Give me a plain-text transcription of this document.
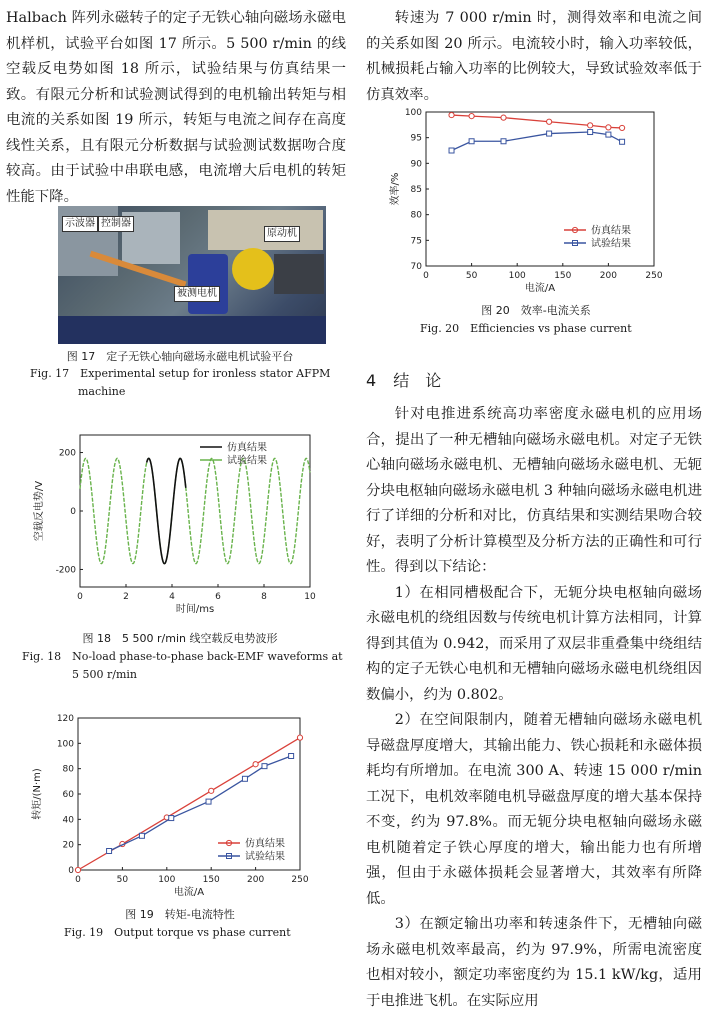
Halbach 阵列永磁转子的定子无铁心轴向磁场永磁电机样机，试验平台如图 17 所示。5 500 r/min 的线空载反电势如图 18 所示，试验结果与仿真结果一致。有限元分析和试验测试得到的电机输出转矩与相电流的关系如图 19 所示，转矩与电流之间存在高度线性关系，且有限元分析数据与试验测试数据吻合度较高。由于试验中串联电感，电流增大后电机的转矩性能下降。

示波器 控制器
原动机
被测电机
图 17　定子无铁心轴向磁场永磁电机试验平台
Fig. 17　Experimental setup for ironless stator AFPM
machine
0	2	4	6	8	10
-200
0
200
时间/ms
空载反电势/V
仿真结果
试验结果
图 18　5 500 r/min 线空载反电势波形
Fig. 18　No-load phase-to-phase back-EMF waveforms at
5 500 r/min
0	50	100	150	200	250
0
20
40
60
80
100
120
电流/A
转矩/(N·m)
仿真结果
试验结果
图 19　转矩-电流特性
Fig. 19　Output torque vs phase current

转速为 7 000 r/min 时，测得效率和电流之间的关系如图 20 所示。电流较小时，输入功率较低，机械损耗占输入功率的比例较大，导致试验效率低于仿真效率。

0	50	100	150	200	250
70
75
80
85
90
95
100
电流/A
效率/%
仿真结果
试验结果
图 20　效率-电流关系
Fig. 20　Efficiencies vs phase current
4 结　论

针对电推进系统高功率密度永磁电机的应用场合，提出了一种无槽轴向磁场永磁电机。对定子无铁心轴向磁场永磁电机、无槽轴向磁场永磁电机、无轭分块电枢轴向磁场永磁电机 3 种轴向磁场永磁电机进行了详细的分析和对比，仿真结果和实测结果吻合较好，表明了分析计算模型及分析方法的正确性和可行性。得到以下结论：

1）在相同槽极配合下，无轭分块电枢轴向磁场永磁电机的绕组因数与传统电机计算方法相同，计算得到其值为 0.942，而采用了双层非重叠集中绕组结构的定子无铁心电机和无槽轴向磁场永磁电机绕组因数偏小，约为 0.802。

2）在空间限制内，随着无槽轴向磁场永磁电机导磁盘厚度增大，其输出能力、铁心损耗和永磁体损耗均有所增加。在电流 300 A、转速 15 000 r/min 工况下，电机效率随电机导磁盘厚度的增大基本保持不变，约为 97.8%。而无轭分块电枢轴向磁场永磁电机随着定子铁心厚度的增大，输出能力也有所增强，但由于永磁体损耗会显著增大，其效率有所降低。

3）在额定输出功率和转速条件下，无槽轴向磁场永磁电机效率最高，约为 97.9%，所需电流密度也相对较小，额定功率密度约为 15.1 kW/kg，适用于电推进飞机。在实际应用
